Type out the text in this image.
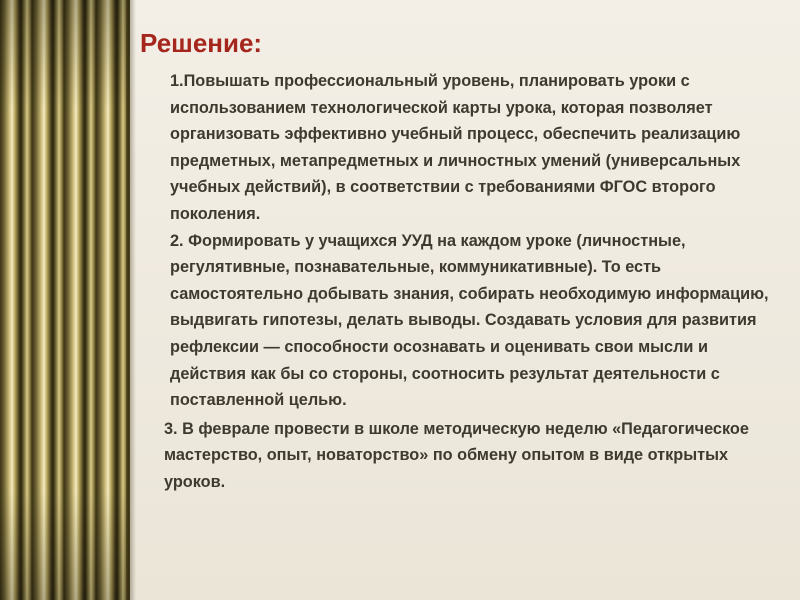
Решение:

1.Повышать профессиональный уровень, планировать уроки с использованием технологической карты урока, которая позволяет организовать эффективно учебный процесс, обеспечить реализацию предметных, метапредметных и личностных умений (универсальных учебных действий), в соответствии с требованиями ФГОС второго поколения.

2. Формировать у учащихся УУД на каждом уроке (личностные, регулятивные, познавательные, коммуникативные). То есть самостоятельно добывать знания, собирать необходимую информацию, выдвигать гипотезы, делать выводы. Создавать условия для развития рефлексии — способности осознавать и оценивать свои мысли и действия как бы со стороны, соотносить результат деятельности с поставленной целью.

3. В феврале провести в школе методическую неделю «Педагогическое мастерство, опыт, новаторство» по обмену опытом в виде открытых уроков.
